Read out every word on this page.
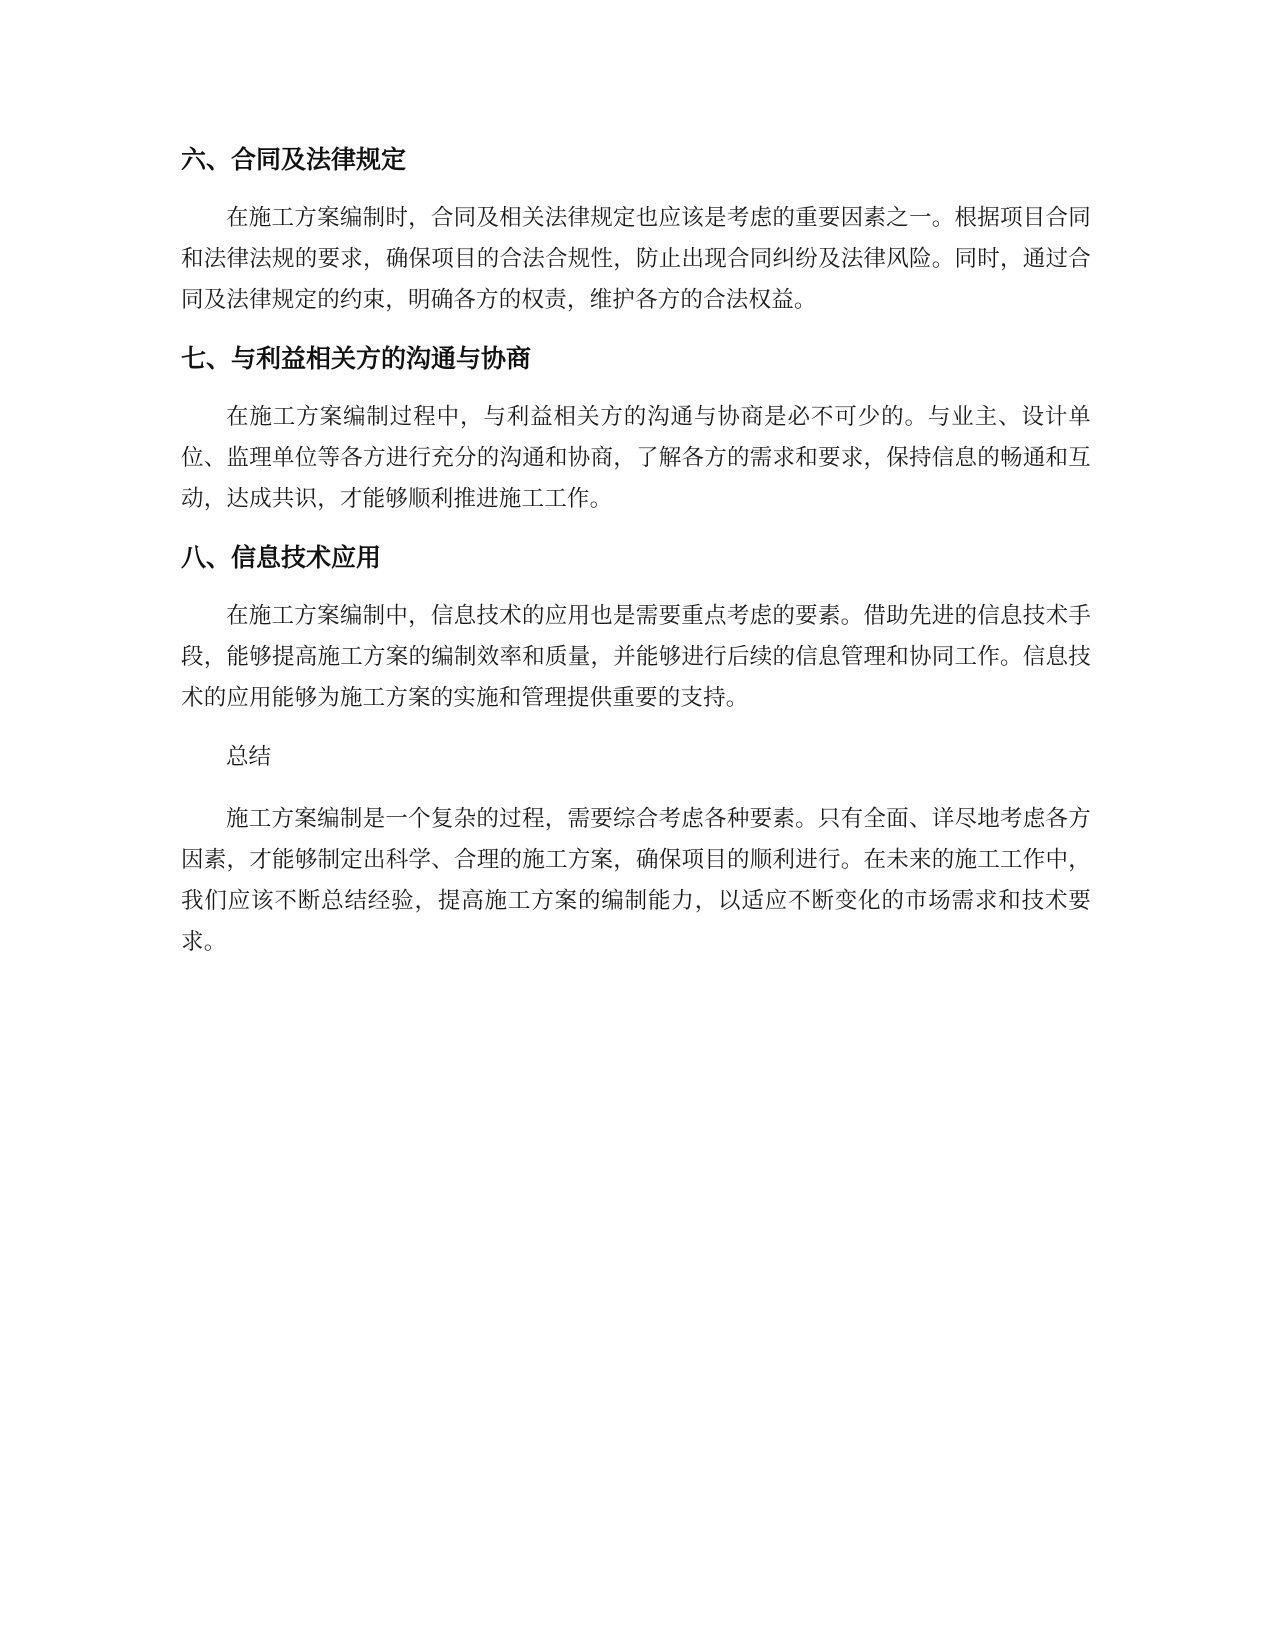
六、合同及法律规定

在施工方案编制时，合同及相关法律规定也应该是考虑的重要因素之一。根据项目合同和法律法规的要求，确保项目的合法合规性，防止出现合同纠纷及法律风险。同时，通过合同及法律规定的约束，明确各方的权责，维护各方的合法权益。

七、与利益相关方的沟通与协商

在施工方案编制过程中，与利益相关方的沟通与协商是必不可少的。与业主、设计单位、监理单位等各方进行充分的沟通和协商，了解各方的需求和要求，保持信息的畅通和互动，达成共识，才能够顺利推进施工工作。

八、信息技术应用

在施工方案编制中，信息技术的应用也是需要重点考虑的要素。借助先进的信息技术手段，能够提高施工方案的编制效率和质量，并能够进行后续的信息管理和协同工作。信息技术的应用能够为施工方案的实施和管理提供重要的支持。

总结

施工方案编制是一个复杂的过程，需要综合考虑各种要素。只有全面、详尽地考虑各方因素，才能够制定出科学、合理的施工方案，确保项目的顺利进行。在未来的施工工作中，我们应该不断总结经验，提高施工方案的编制能力，以适应不断变化的市场需求和技术要求。
